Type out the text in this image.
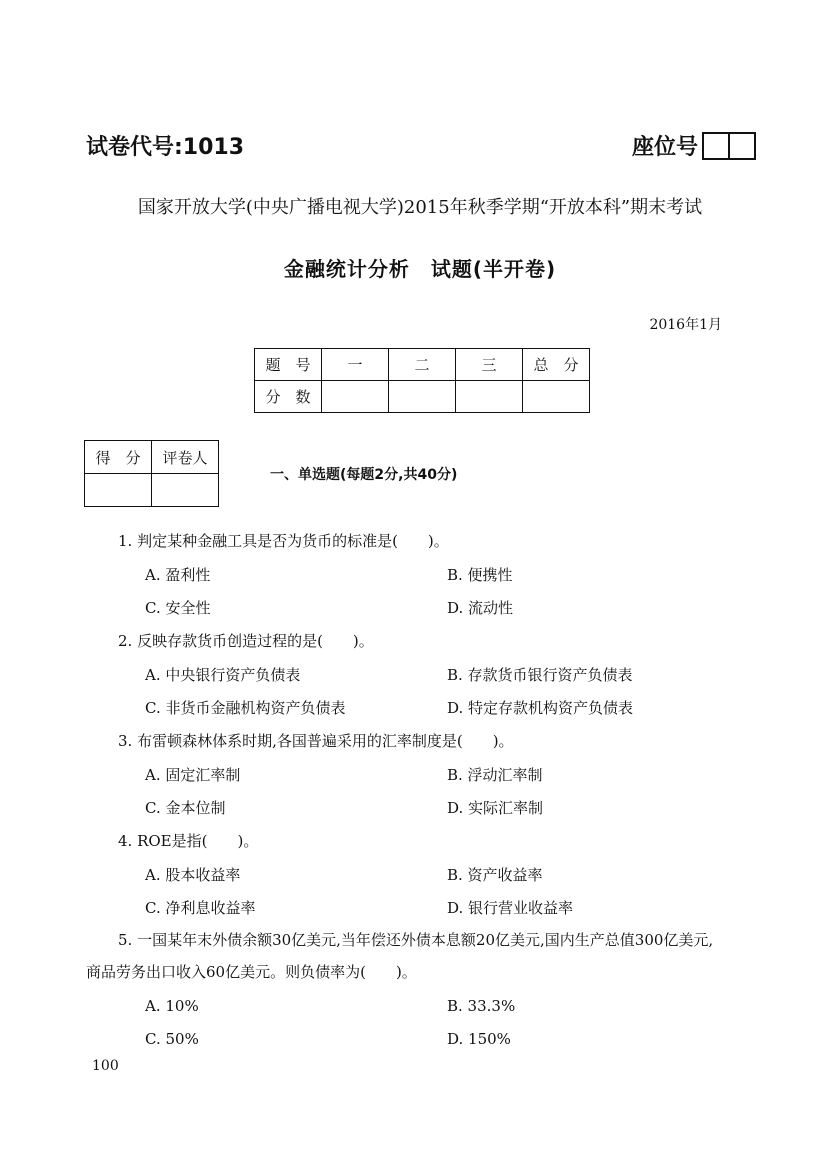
试卷代号:1013	座位号
国家开放大学(中央广播电视大学)2015年秋季学期“开放本科”期末考试
金融统计分析　试题(半开卷)
2016年1月
题　号	一	二	三	总　分
分　数				
得　分	评卷人

一、单选题(每题2分,共40分)
1. 判定某种金融工具是否为货币的标准是(　　)。
A. 盈利性	B. 便携性
C. 安全性	D. 流动性
2. 反映存款货币创造过程的是(　　)。
A. 中央银行资产负债表	B. 存款货币银行资产负债表
C. 非货币金融机构资产负债表	D. 特定存款机构资产负债表
3. 布雷顿森林体系时期,各国普遍采用的汇率制度是(　　)。
A. 固定汇率制	B. 浮动汇率制
C. 金本位制	D. 实际汇率制
4. ROE是指(　　)。
A. 股本收益率	B. 资产收益率
C. 净利息收益率	D. 银行营业收益率
5. 一国某年末外债余额30亿美元,当年偿还外债本息额20亿美元,国内生产总值300亿美元,商品劳务出口收入60亿美元。则负债率为(　　)。
A. 10%	B. 33.3%
C. 50%	D. 150%
100
